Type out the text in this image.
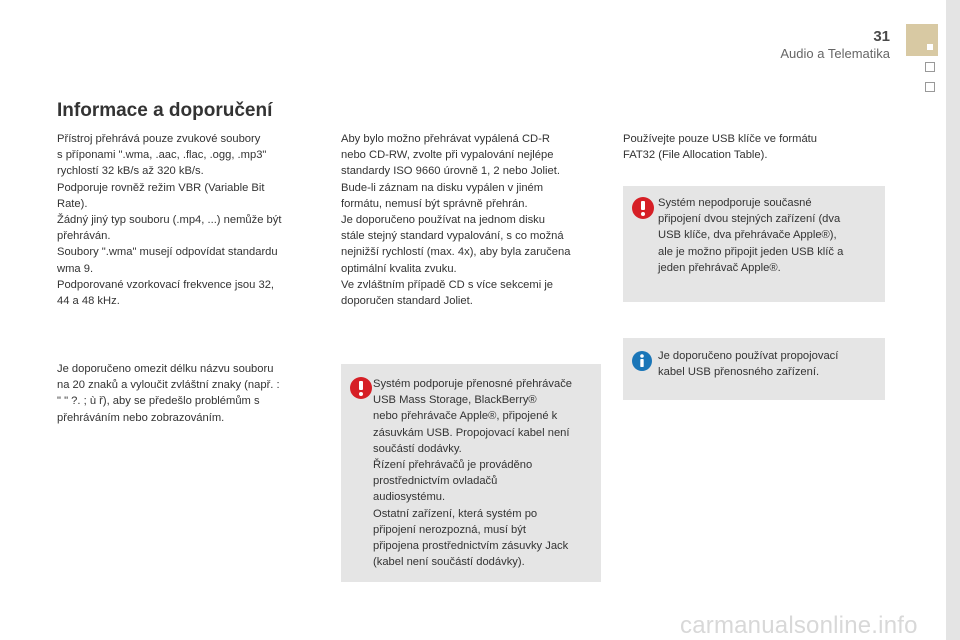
31
Audio a Telematika
Informace a doporučení
Přístroj přehrává pouze zvukové soubory
s příponami ".wma, .aac, .flac, .ogg, .mp3"
rychlostí 32 kB/s až 320 kB/s.
Podporuje rovněž režim VBR (Variable Bit
Rate).
Žádný jiný typ souboru (.mp4, ...) nemůže být
přehráván.
Soubory ".wma" musejí odpovídat standardu
wma 9.
Podporované vzorkovací frekvence jsou 32,
44 a 48 kHz.
Je doporučeno omezit délku názvu souboru
na 20 znaků a vyloučit zvláštní znaky (např. :
" " ?. ; ù ř), aby se předešlo problémům s
přehráváním nebo zobrazováním.
Aby bylo možno přehrávat vypálená CD-R
nebo CD-RW, zvolte při vypalování nejlépe
standardy ISO 9660 úrovně 1, 2 nebo Joliet.
Bude-li záznam na disku vypálen v jiném
formátu, nemusí být správně přehrán.
Je doporučeno používat na jednom disku
stále stejný standard vypalování, s co možná
nejnižší rychlostí (max. 4x), aby byla zaručena
optimální kvalita zvuku.
Ve zvláštním případě CD s více sekcemi je
doporučen standard Joliet.
Systém podporuje přenosné přehrávače
USB Mass Storage, BlackBerry®
nebo přehrávače Apple®, připojené k
zásuvkám USB. Propojovací kabel není
součástí dodávky.
Řízení přehrávačů je prováděno
prostřednictvím ovladačů
audiosystému.
Ostatní zařízení, která systém po
připojení nerozpozná, musí být
připojena prostřednictvím zásuvky Jack
(kabel není součástí dodávky).
Používejte pouze USB klíče ve formátu
FAT32 (File Allocation Table).
Systém nepodporuje současné
připojení dvou stejných zařízení (dva
USB klíče, dva přehrávače Apple®),
ale je možno připojit jeden USB klíč a
jeden přehrávač Apple®.
Je doporučeno používat propojovací
kabel USB přenosného zařízení.
carmanualsonline.info
